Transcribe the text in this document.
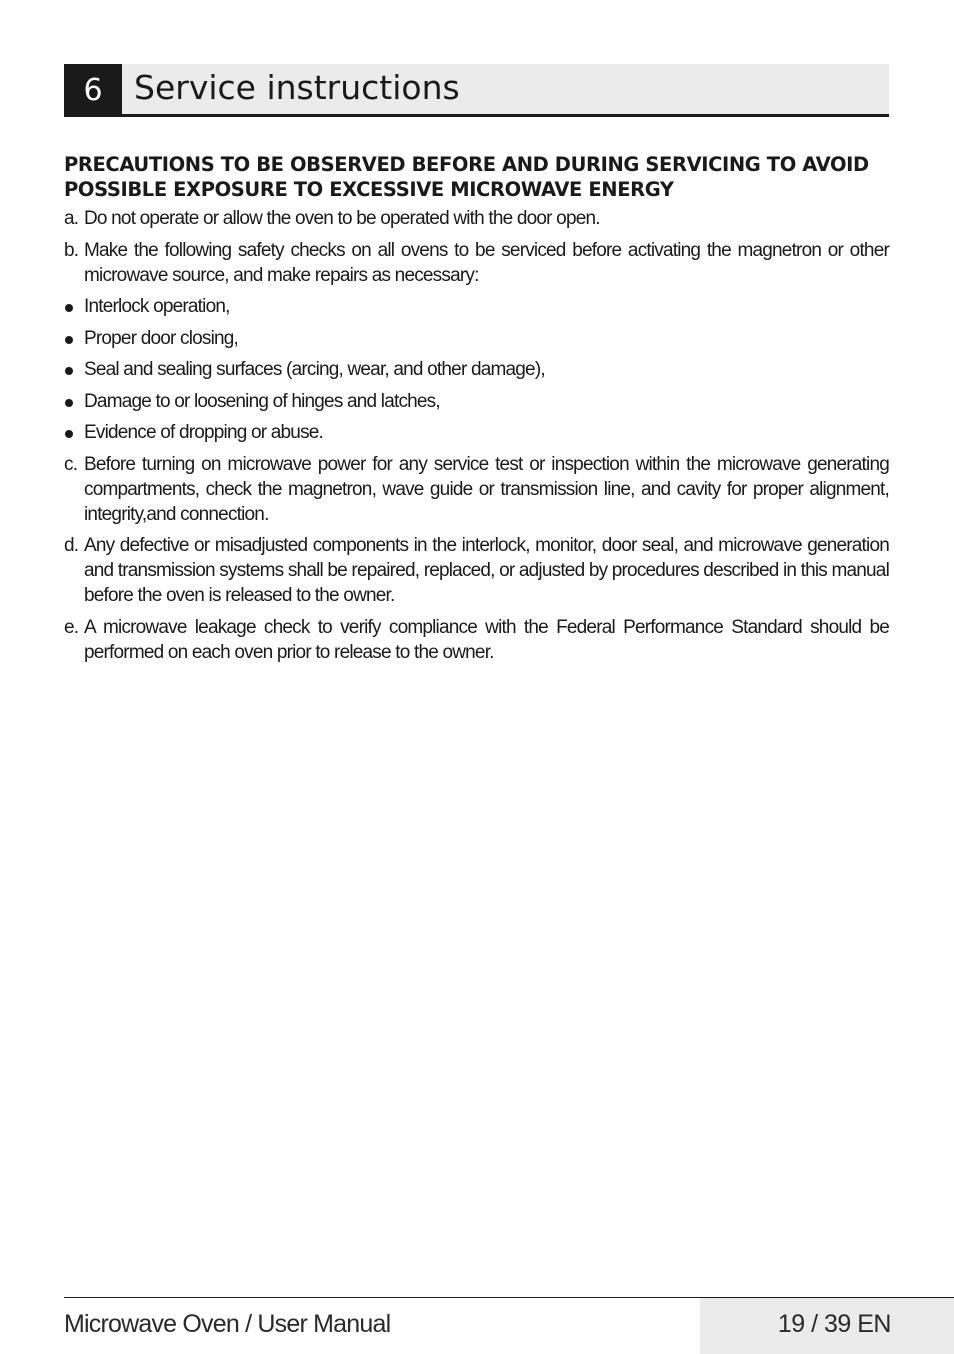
6 Service instructions
PRECAUTIONS TO BE OBSERVED BEFORE AND DURING SERVICING TO AVOID POSSIBLE EXPOSURE TO EXCESSIVE MICROWAVE ENERGY
a. Do not operate or allow the oven to be operated with the door open.
b. Make the following safety checks on all ovens to be serviced before activating the magnetron or other microwave source, and make repairs as necessary:
Interlock operation,
Proper door closing,
Seal and sealing surfaces (arcing, wear, and other damage),
Damage to or loosening of hinges and latches,
Evidence of dropping or abuse.
c. Before turning on microwave power for any service test or inspection within the microwave generating compartments, check the magnetron, wave guide or transmission line, and cavity for proper alignment, integrity,and connection.
d. Any defective or misadjusted components in the interlock, monitor, door seal, and microwave generation and transmission systems shall be repaired, replaced, or adjusted by procedures described in this manual before the oven is released to the owner.
e. A microwave leakage check to verify compliance with the Federal Performance Standard should be performed on each oven prior to release to the owner.
Microwave Oven / User Manual	19 / 39 EN
